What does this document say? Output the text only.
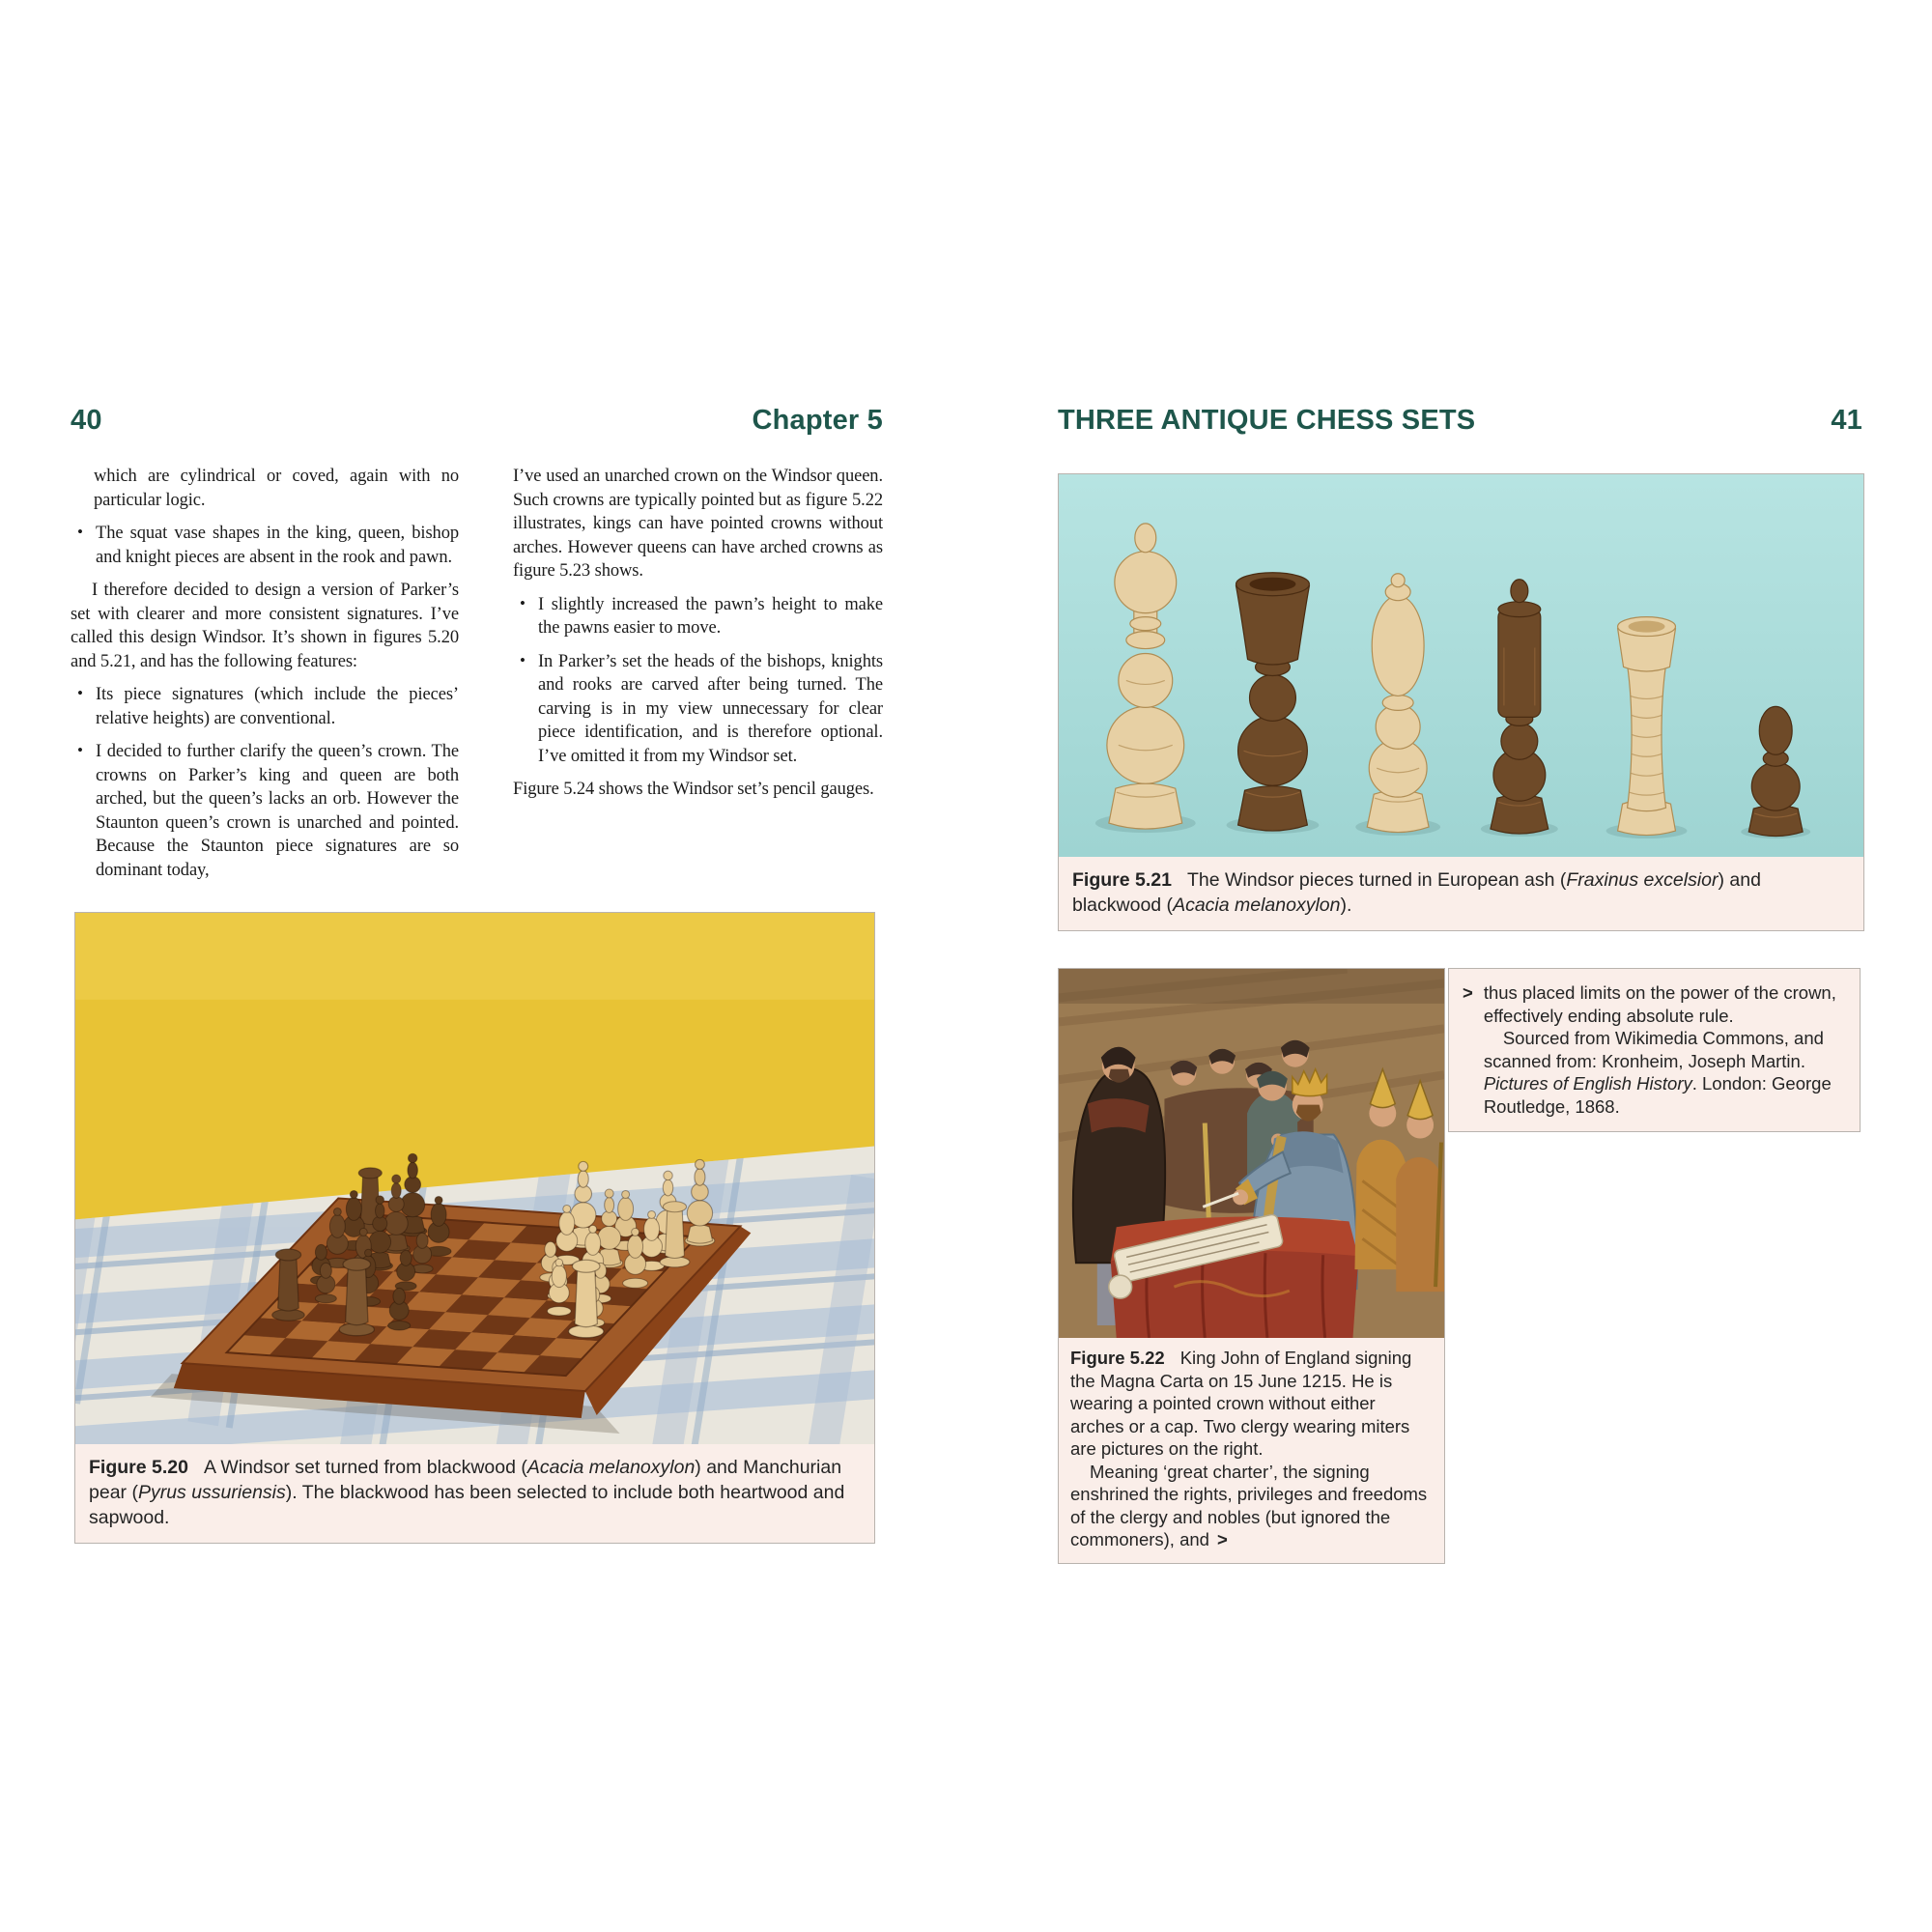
40	Chapter 5	THREE ANTIQUE CHESS SETS	41

which are cylindrical or coved, again with no particular logic.

• The squat vase shapes in the king, queen, bishop and knight pieces are absent in the rook and pawn.

I therefore decided to design a version of Parker’s set with clearer and more consistent signatures. I’ve called this design Windsor. It’s shown in figures 5.20 and 5.21, and has the following features:

• Its piece signatures (which include the pieces’ relative heights) are conventional.

• I decided to further clarify the queen’s crown. The crowns on Parker’s king and queen are both arched, but the queen’s lacks an orb. However the Staunton queen’s crown is unarched and pointed. Because the Staunton piece signatures are so dominant today,

I’ve used an unarched crown on the Windsor queen. Such crowns are typically pointed but as figure 5.22 illustrates, kings can have pointed crowns without arches. However queens can have arched crowns as figure 5.23 shows.

• I slightly increased the pawn’s height to make the pawns easier to move.

• In Parker’s set the heads of the bishops, knights and rooks are carved after being turned. The carving is in my view unnecessary for clear piece identification, and is therefore optional. I’ve omitted it from my Windsor set.

Figure 5.24 shows the Windsor set’s pencil gauges.

Figure 5.20 A Windsor set turned from blackwood (Acacia melanoxylon) and Manchurian pear (Pyrus ussuriensis). The blackwood has been selected to include both heartwood and sapwood.
Figure 5.21 The Windsor pieces turned in European ash (Fraxinus excelsior) and blackwood (Acacia melanoxylon).

Figure 5.22 King John of England signing the Magna Carta on 15 June 1215. He is wearing a pointed crown without either arches or a cap. Two clergy wearing miters are pictures on the right.

Meaning ‘great charter’, the signing enshrined the rights, privileges and freedoms of the clergy and nobles (but ignored the commoners), and >

> thus placed limits on the power of the crown, effectively ending absolute rule.

Sourced from Wikimedia Commons, and scanned from: Kronheim, Joseph Martin. Pictures of English History. London: George Routledge, 1868.
